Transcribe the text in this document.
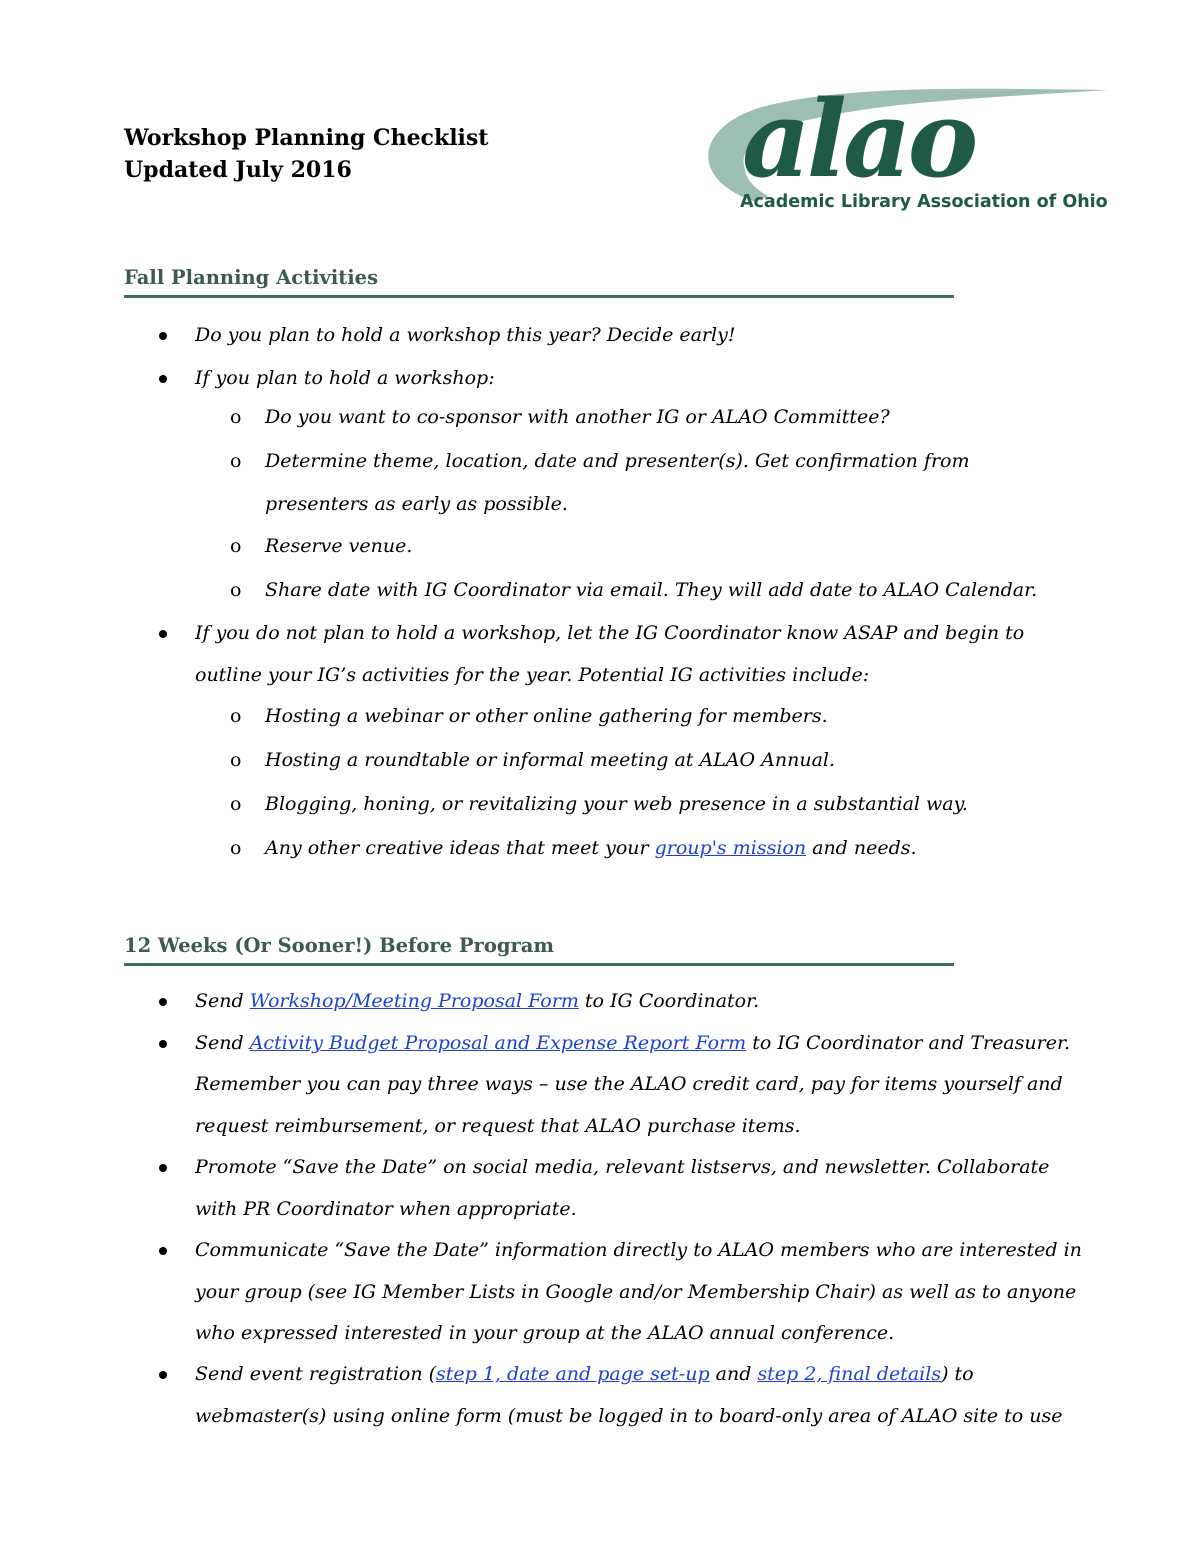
Workshop Planning Checklist
Updated July 2016	alao
Academic Library Association of Ohio
Fall Planning Activities
Do you plan to hold a workshop this year? Decide early!
If you plan to hold a workshop:
o Do you want to co-sponsor with another IG or ALAO Committee?
o Determine theme, location, date and presenter(s). Get confirmation from
presenters as early as possible.
o Reserve venue.
o Share date with IG Coordinator via email. They will add date to ALAO Calendar.
If you do not plan to hold a workshop, let the IG Coordinator know ASAP and begin to
outline your IG’s activities for the year. Potential IG activities include:
o Hosting a webinar or other online gathering for members.
o Hosting a roundtable or informal meeting at ALAO Annual.
o Blogging, honing, or revitalizing your web presence in a substantial way.
o Any other creative ideas that meet your group's mission and needs.
12 Weeks (Or Sooner!) Before Program
Send Workshop/Meeting Proposal Form to IG Coordinator.
Send Activity Budget Proposal and Expense Report Form to IG Coordinator and Treasurer.
Remember you can pay three ways – use the ALAO credit card, pay for items yourself and
request reimbursement, or request that ALAO purchase items.
Promote “Save the Date” on social media, relevant listservs, and newsletter. Collaborate
with PR Coordinator when appropriate.
Communicate “Save the Date” information directly to ALAO members who are interested in
your group (see IG Member Lists in Google and/or Membership Chair) as well as to anyone
who expressed interested in your group at the ALAO annual conference.
Send event registration (step 1, date and page set-up and step 2, final details) to
webmaster(s) using online form (must be logged in to board-only area of ALAO site to use
